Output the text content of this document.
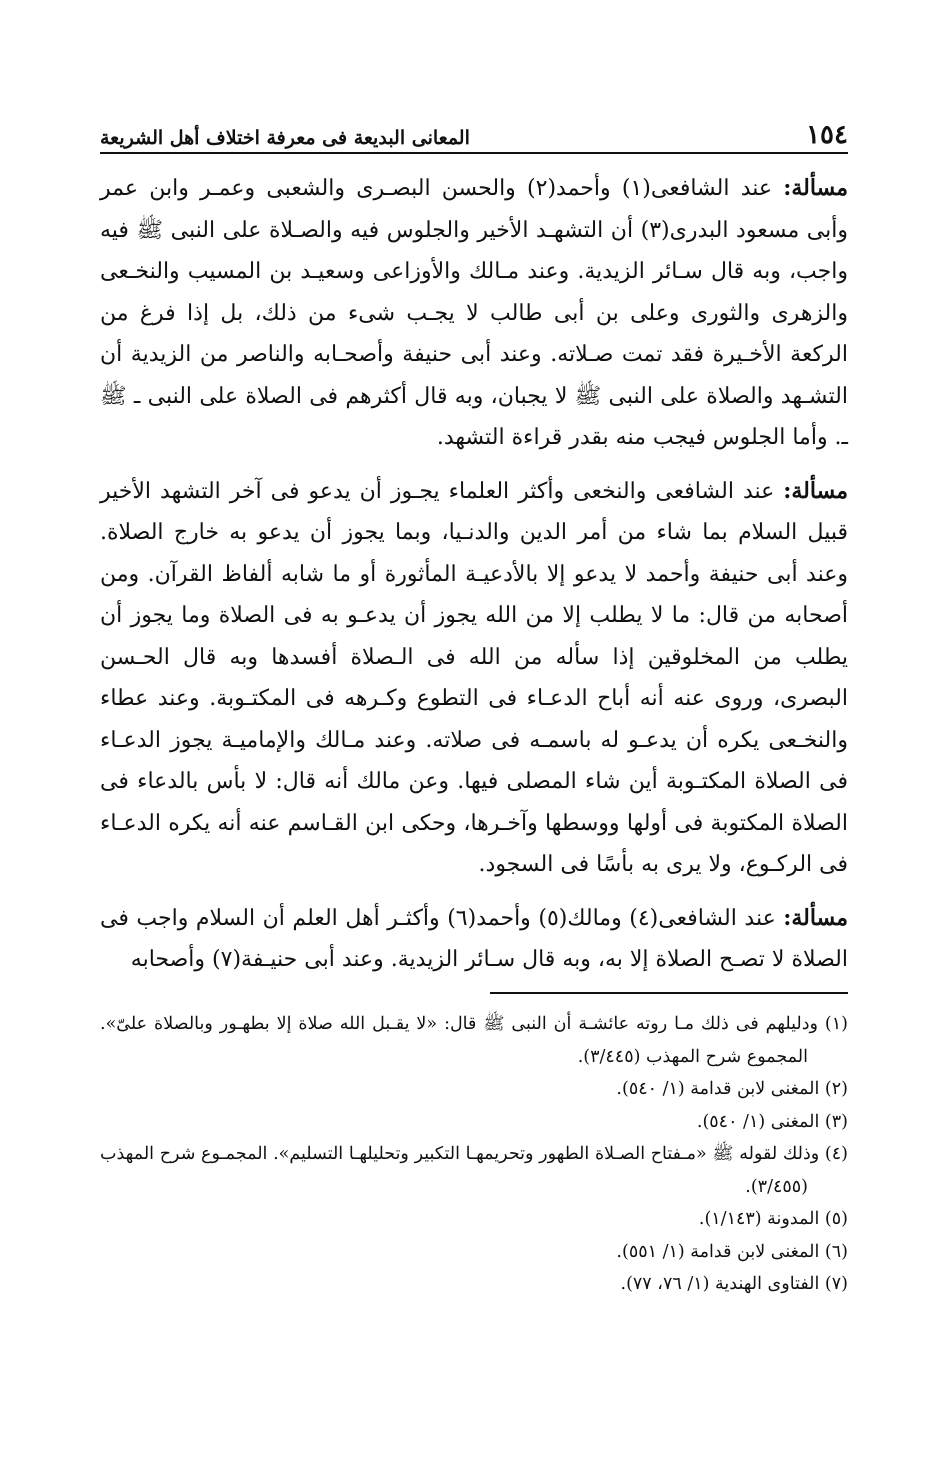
١٥٤
المعانى البديعة فى معرفة اختلاف أهل الشريعة

مسألة: عند الشافعى(١) وأحمد(٢) والحسن البصـرى والشعبى وعمـر وابن عمر وأبى مسعود البدرى(٣) أن التشهـد الأخير والجلوس فيه والصـلاة على النبى ﷺ فيه واجب، وبه قال سـائر الزيدية. وعند مـالك والأوزاعى وسعيـد بن المسيب والنخـعى والزهرى والثورى وعلى بن أبى طالب لا يجـب شىء من ذلك، بل إذا فرغ من الركعة الأخـيرة فقد تمت صـلاته. وعند أبى حنيفة وأصحـابه والناصر من الزيدية أن التشـهد والصلاة على النبى ﷺ لا يجبان، وبه قال أكثرهم فى الصلاة على النبى ـ ﷺ ـ. وأما الجلوس فيجب منه بقدر قراءة التشهد.

مسألة: عند الشافعى والنخعى وأكثر العلماء يجـوز أن يدعو فى آخر التشهد الأخير قبيل السلام بما شاء من أمر الدين والدنـيا، وبما يجوز أن يدعو به خارج الصلاة. وعند أبى حنيفة وأحمد لا يدعو إلا بالأدعيـة المأثورة أو ما شابه ألفاظ القرآن. ومن أصحابه من قال: ما لا يطلب إلا من الله يجوز أن يدعـو به فى الصلاة وما يجوز أن يطلب من المخلوقين إذا سأله من الله فى الـصلاة أفسدها وبه قال الحـسن البصرى، وروى عنه أنه أباح الدعـاء فى التطوع وكـرهه فى المكتـوبة. وعند عطاء والنخـعى يكره أن يدعـو له باسمـه فى صلاته. وعند مـالك والإماميـة يجوز الدعـاء فى الصلاة المكتـوبة أين شاء المصلى فيها. وعن مالك أنه قال: لا بأس بالدعاء فى الصلاة المكتوبة فى أولها ووسطها وآخـرها، وحكى ابن القـاسم عنه أنه يكره الدعـاء فى الركـوع، ولا يرى به بأسًا فى السجود.

مسألة: عند الشافعى(٤) ومالك(٥) وأحمد(٦) وأكثـر أهل العلم أن السلام واجب فى الصلاة لا تصـح الصلاة إلا به، وبه قال سـائر الزيدية. وعند أبى حنيـفة(٧) وأصحابه

(١) ودليلهم فى ذلك مـا روته عائشـة أن النبى ﷺ قال: «لا يقـبل الله صلاة إلا بطهـور وبالصلاة علىّ». المجموع شرح المهذب (٣/٤٤٥).

(٢) المغنى لابن قدامة (١/ ٥٤٠).

(٣) المغنى (١/ ٥٤٠).

(٤) وذلك لقوله ﷺ «مـفتاح الصـلاة الطهور وتحريمهـا التكبير وتحليلهـا التسليم». المجمـوع شرح المهذب (٣/٤٥٥).

(٥) المدونة (١/١٤٣).

(٦) المغنى لابن قدامة (١/ ٥٥١).

(٧) الفتاوى الهندية (١/ ٧٦، ٧٧).
